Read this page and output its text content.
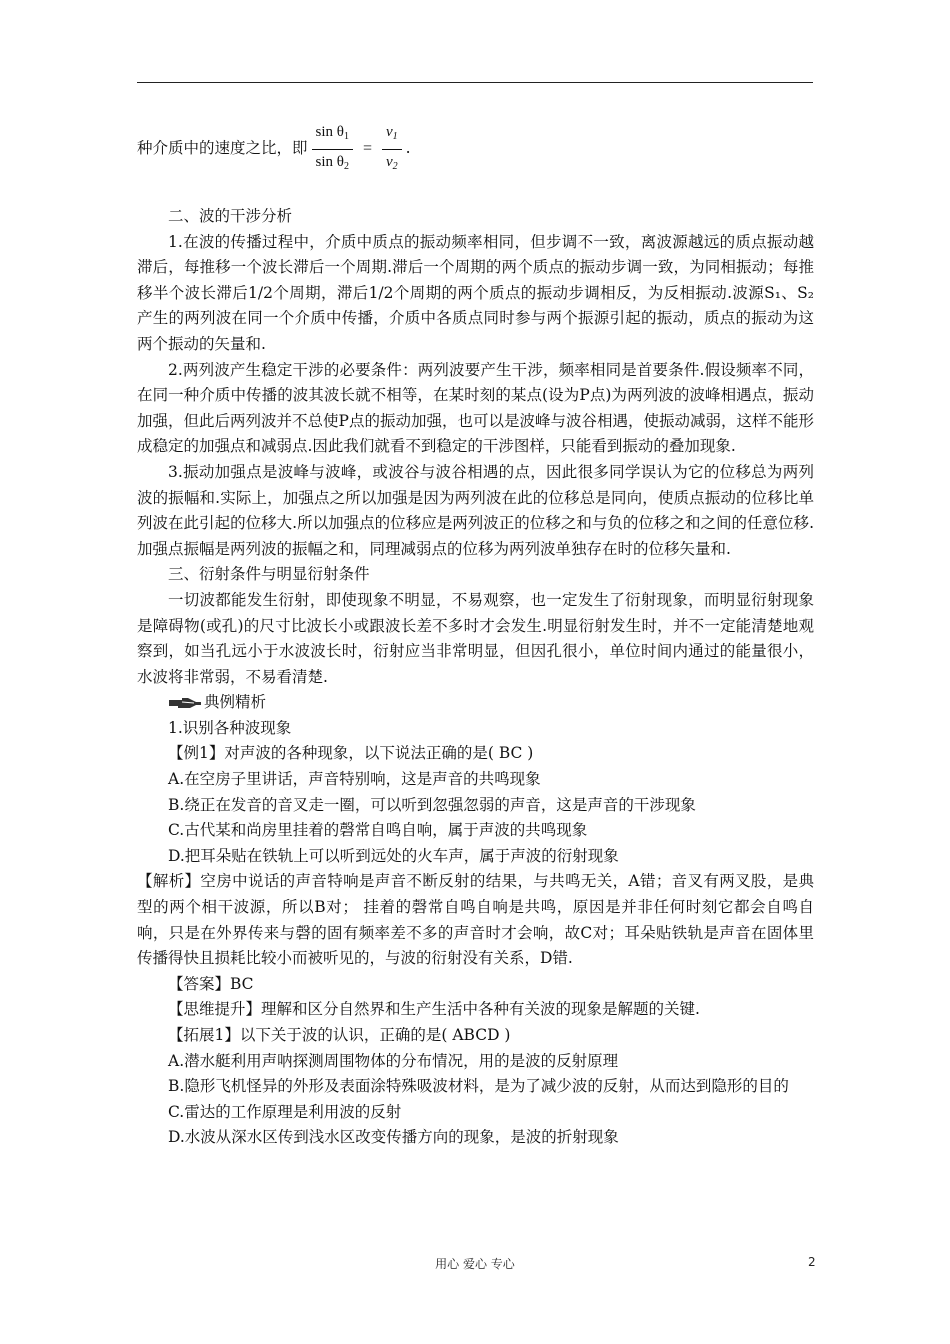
种介质中的速度之比，即 $\frac{\sin \theta_1}{\sin \theta_2} = \frac{v_1}{v_2}$ .

二、波的干涉分析

1.在波的传播过程中，介质中质点的振动频率相同，但步调不一致，离波源越远的质点振动越滞后，每推移一个波长滞后一个周期.滞后一个周期的两个质点的振动步调一致，为同相振动；每推移半个波长滞后1/2个周期，滞后1/2个周期的两个质点的振动步调相反，为反相振动.波源S₁、S₂产生的两列波在同一个介质中传播，介质中各质点同时参与两个振源引起的振动，质点的振动为这两个振动的矢量和.

2.两列波产生稳定干涉的必要条件：两列波要产生干涉，频率相同是首要条件.假设频率不同，在同一种介质中传播的波其波长就不相等，在某时刻的某点(设为P点)为两列波的波峰相遇点，振动加强，但此后两列波并不总使P点的振动加强，也可以是波峰与波谷相遇，使振动减弱，这样不能形成稳定的加强点和减弱点.因此我们就看不到稳定的干涉图样，只能看到振动的叠加现象.

3.振动加强点是波峰与波峰，或波谷与波谷相遇的点，因此很多同学误认为它的位移总为两列波的振幅和.实际上，加强点之所以加强是因为两列波在此的位移总是同向，使质点振动的位移比单列波在此引起的位移大.所以加强点的位移应是两列波正的位移之和与负的位移之和之间的任意位移.加强点振幅是两列波的振幅之和，同理减弱点的位移为两列波单独存在时的位移矢量和.

三、衍射条件与明显衍射条件

一切波都能发生衍射，即使现象不明显，不易观察，也一定发生了衍射现象，而明显衍射现象是障碍物(或孔)的尺寸比波长小或跟波长差不多时才会发生.明显衍射发生时，并不一定能清楚地观察到，如当孔远小于水波波长时，衍射应当非常明显，但因孔很小，单位时间内通过的能量很小，水波将非常弱，不易看清楚.

典例精析

1.识别各种波现象

【例1】对声波的各种现象，以下说法正确的是( BC )

A.在空房子里讲话，声音特别响，这是声音的共鸣现象

B.绕正在发音的音叉走一圈，可以听到忽强忽弱的声音，这是声音的干涉现象

C.古代某和尚房里挂着的磬常自鸣自响，属于声波的共鸣现象

D.把耳朵贴在铁轨上可以听到远处的火车声，属于声波的衍射现象

【解析】空房中说话的声音特响是声音不断反射的结果，与共鸣无关，A错；音叉有两叉股，是典型的两个相干波源，所以B对； 挂着的磬常自鸣自响是共鸣，原因是并非任何时刻它都会自鸣自响，只是在外界传来与磬的固有频率差不多的声音时才会响，故C对；耳朵贴铁轨是声音在固体里传播得快且损耗比较小而被听见的，与波的衍射没有关系，D错.

【答案】BC

【思维提升】理解和区分自然界和生产生活中各种有关波的现象是解题的关键.

【拓展1】以下关于波的认识，正确的是( ABCD )

A.潜水艇利用声呐探测周围物体的分布情况，用的是波的反射原理

B.隐形飞机怪异的外形及表面涂特殊吸波材料，是为了减少波的反射，从而达到隐形的目的

C.雷达的工作原理是利用波的反射

D.水波从深水区传到浅水区改变传播方向的现象，是波的折射现象

用心 爱心 专心	2
